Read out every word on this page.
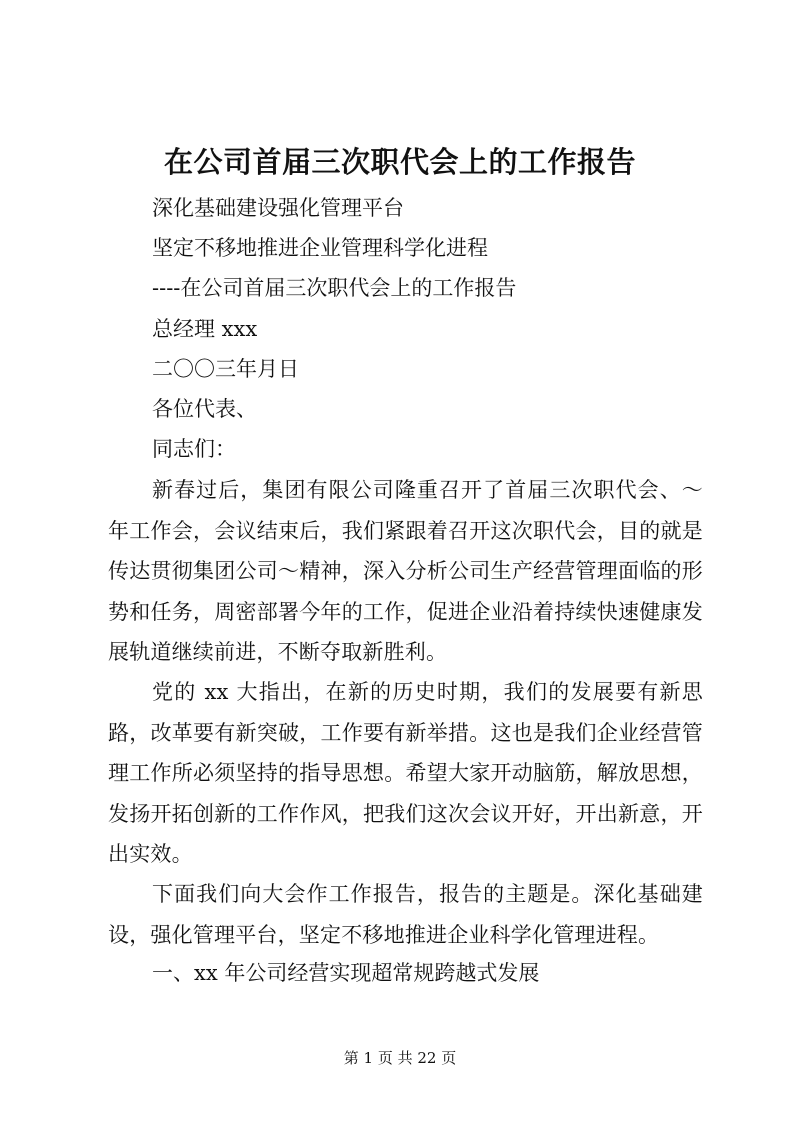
在公司首届三次职代会上的工作报告
深化基础建设强化管理平台
坚定不移地推进企业管理科学化进程
----在公司首届三次职代会上的工作报告
总经理 xxx
二〇〇三年月日
各位代表、
同志们：
新春过后，集团有限公司隆重召开了首届三次职代会、～年工作会，会议结束后，我们紧跟着召开这次职代会，目的就是传达贯彻集团公司～精神，深入分析公司生产经营管理面临的形势和任务，周密部署今年的工作，促进企业沿着持续快速健康发展轨道继续前进，不断夺取新胜利。
党的 xx 大指出，在新的历史时期，我们的发展要有新思路，改革要有新突破，工作要有新举措。这也是我们企业经营管理工作所必须坚持的指导思想。希望大家开动脑筋，解放思想，发扬开拓创新的工作作风，把我们这次会议开好，开出新意，开出实效。
下面我们向大会作工作报告，报告的主题是。深化基础建设，强化管理平台，坚定不移地推进企业科学化管理进程。
一、xx 年公司经营实现超常规跨越式发展
第 1 页 共 22 页
